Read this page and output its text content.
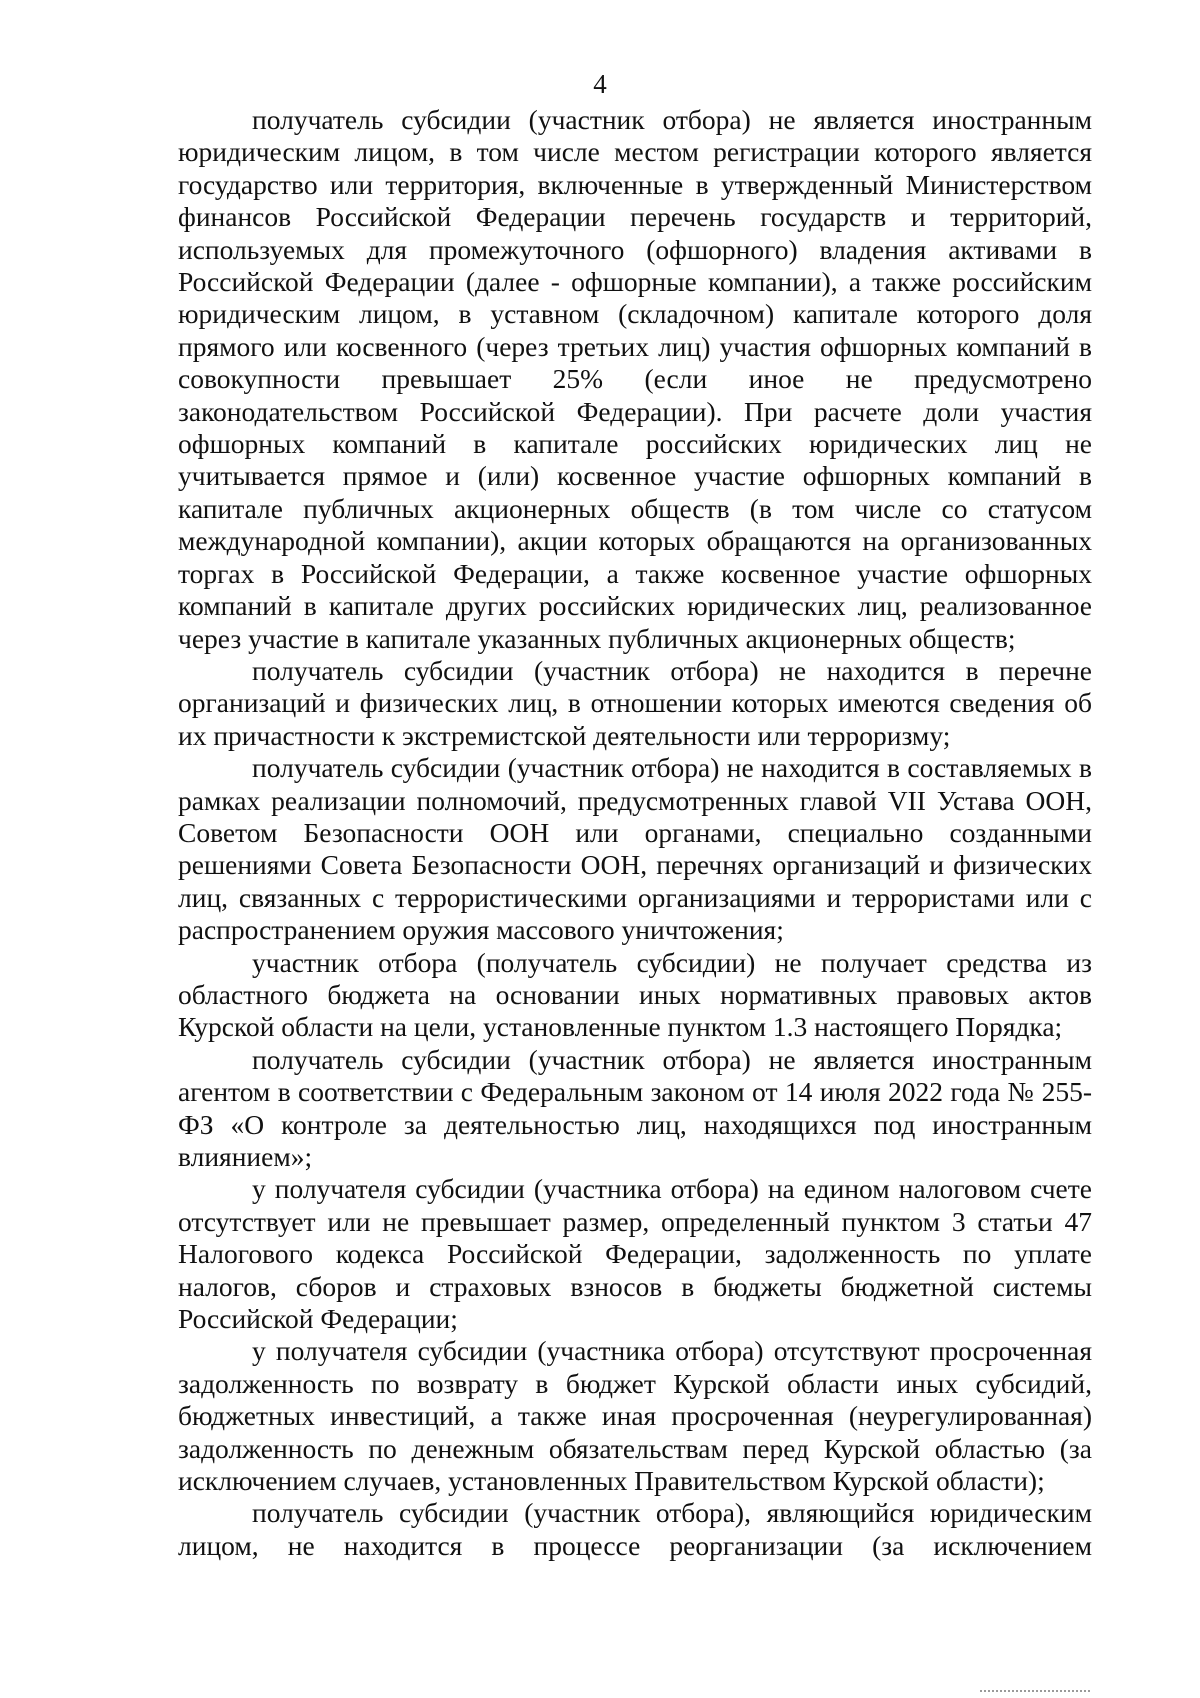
4

получатель субсидии (участник отбора) не является иностранным юридическим лицом, в том числе местом регистрации которого является государство или территория, включенные в утвержденный Министерством финансов Российской Федерации перечень государств и территорий, используемых для промежуточного (офшорного) владения активами в Российской Федерации (далее - офшорные компании), а также российским юридическим лицом, в уставном (складочном) капитале которого доля прямого или косвенного (через третьих лиц) участия офшорных компаний в совокупности превышает 25% (если иное не предусмотрено законодательством Российской Федерации). При расчете доли участия офшорных компаний в капитале российских юридических лиц не учитывается прямое и (или) косвенное участие офшорных компаний в капитале публичных акционерных обществ (в том числе со статусом международной компании), акции которых обращаются на организованных торгах в Российской Федерации, а также косвенное участие офшорных компаний в капитале других российских юридических лиц, реализованное через участие в капитале указанных публичных акционерных обществ;

получатель субсидии (участник отбора) не находится в перечне организаций и физических лиц, в отношении которых имеются сведения об их причастности к экстремистской деятельности или терроризму;

получатель субсидии (участник отбора) не находится в составляемых в рамках реализации полномочий, предусмотренных главой VII Устава ООН, Советом Безопасности ООН или органами, специально созданными решениями Совета Безопасности ООН, перечнях организаций и физических лиц, связанных с террористическими организациями и террористами или с распространением оружия массового уничтожения;

участник отбора (получатель субсидии) не получает средства из областного бюджета на основании иных нормативных правовых актов Курской области на цели, установленные пунктом 1.3 настоящего Порядка;

получатель субсидии (участник отбора) не является иностранным агентом в соответствии с Федеральным законом от 14 июля 2022 года № 255-ФЗ «О контроле за деятельностью лиц, находящихся под иностранным влиянием»;

у получателя субсидии (участника отбора) на едином налоговом счете отсутствует или не превышает размер, определенный пунктом 3 статьи 47 Налогового кодекса Российской Федерации, задолженность по уплате налогов, сборов и страховых взносов в бюджеты бюджетной системы Российской Федерации;

у получателя субсидии (участника отбора) отсутствуют просроченная задолженность по возврату в бюджет Курской области иных субсидий, бюджетных инвестиций, а также иная просроченная (неурегулированная) задолженность по денежным обязательствам перед Курской областью (за исключением случаев, установленных Правительством Курской области);

получатель субсидии (участник отбора), являющийся юридическим лицом, не находится в процессе реорганизации (за исключением
